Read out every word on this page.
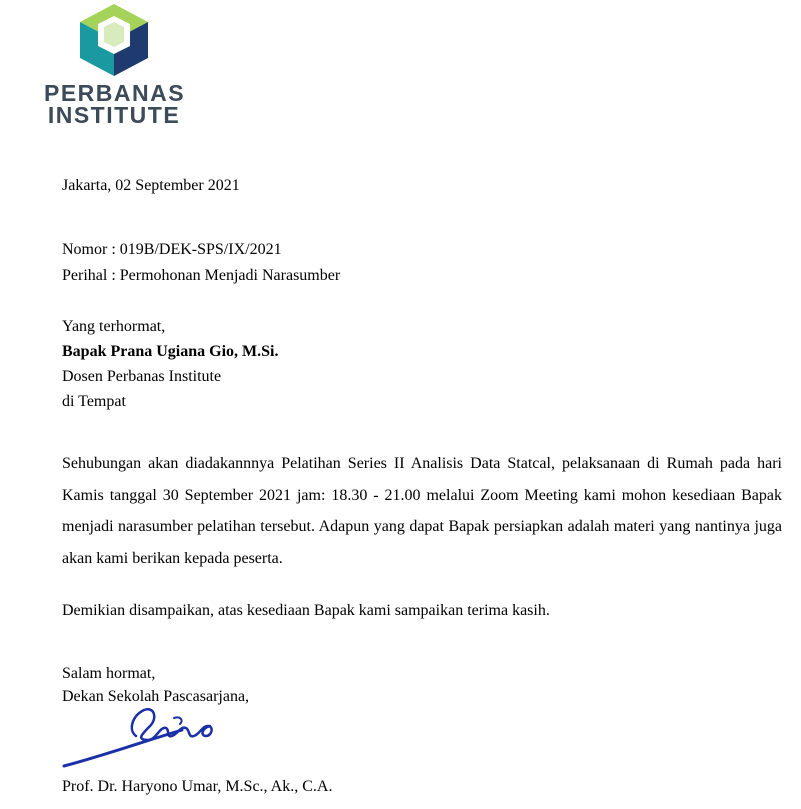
PERBANAS
INSTITUTE
Jakarta, 02 September 2021
Nomor : 019B/DEK-SPS/IX/2021
Perihal : Permohonan Menjadi Narasumber
Yang terhormat,
Bapak Prana Ugiana Gio, M.Si.
Dosen Perbanas Institute
di Tempat
Sehubungan akan diadakannnya Pelatihan Series II Analisis Data Statcal, pelaksanaan di Rumah pada hari Kamis tanggal 30 September 2021 jam: 18.30 - 21.00 melalui Zoom Meeting kami mohon kesediaan Bapak menjadi narasumber pelatihan tersebut. Adapun yang dapat Bapak persiapkan adalah materi yang nantinya juga akan kami berikan kepada peserta.
Demikian disampaikan, atas kesediaan Bapak kami sampaikan terima kasih.
Salam hormat,
Dekan Sekolah Pascasarjana,
Prof. Dr. Haryono Umar, M.Sc., Ak., C.A.
